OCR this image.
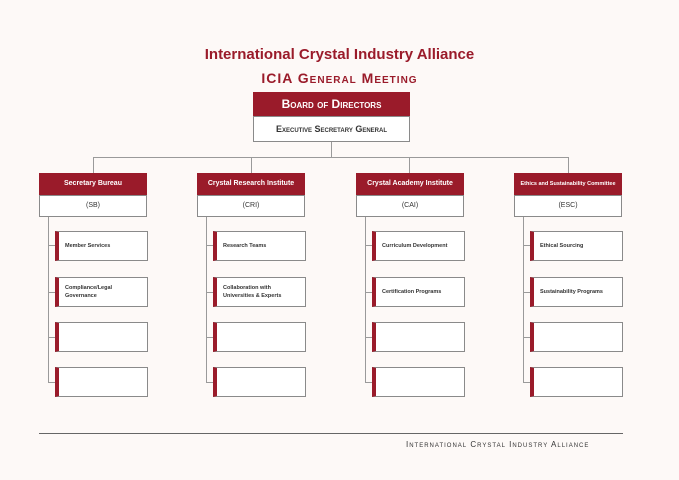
International Crystal Industry Alliance
ICIA General Meeting
Board of Directors
Executive Secretary General
Secretary Bureau
(SB)
Member Services
Compliance/Legal Governance
Crystal Research Institute
(CRI)
Research Teams
Collaboration with Universities & Experts
Crystal Academy Institute
(CAI)
Curriculum Development
Certification Programs
Ethics and Sustainability Committee
(ESC)
Ethical Sourcing
Sustainability Programs
International Crystal Industry Alliance
